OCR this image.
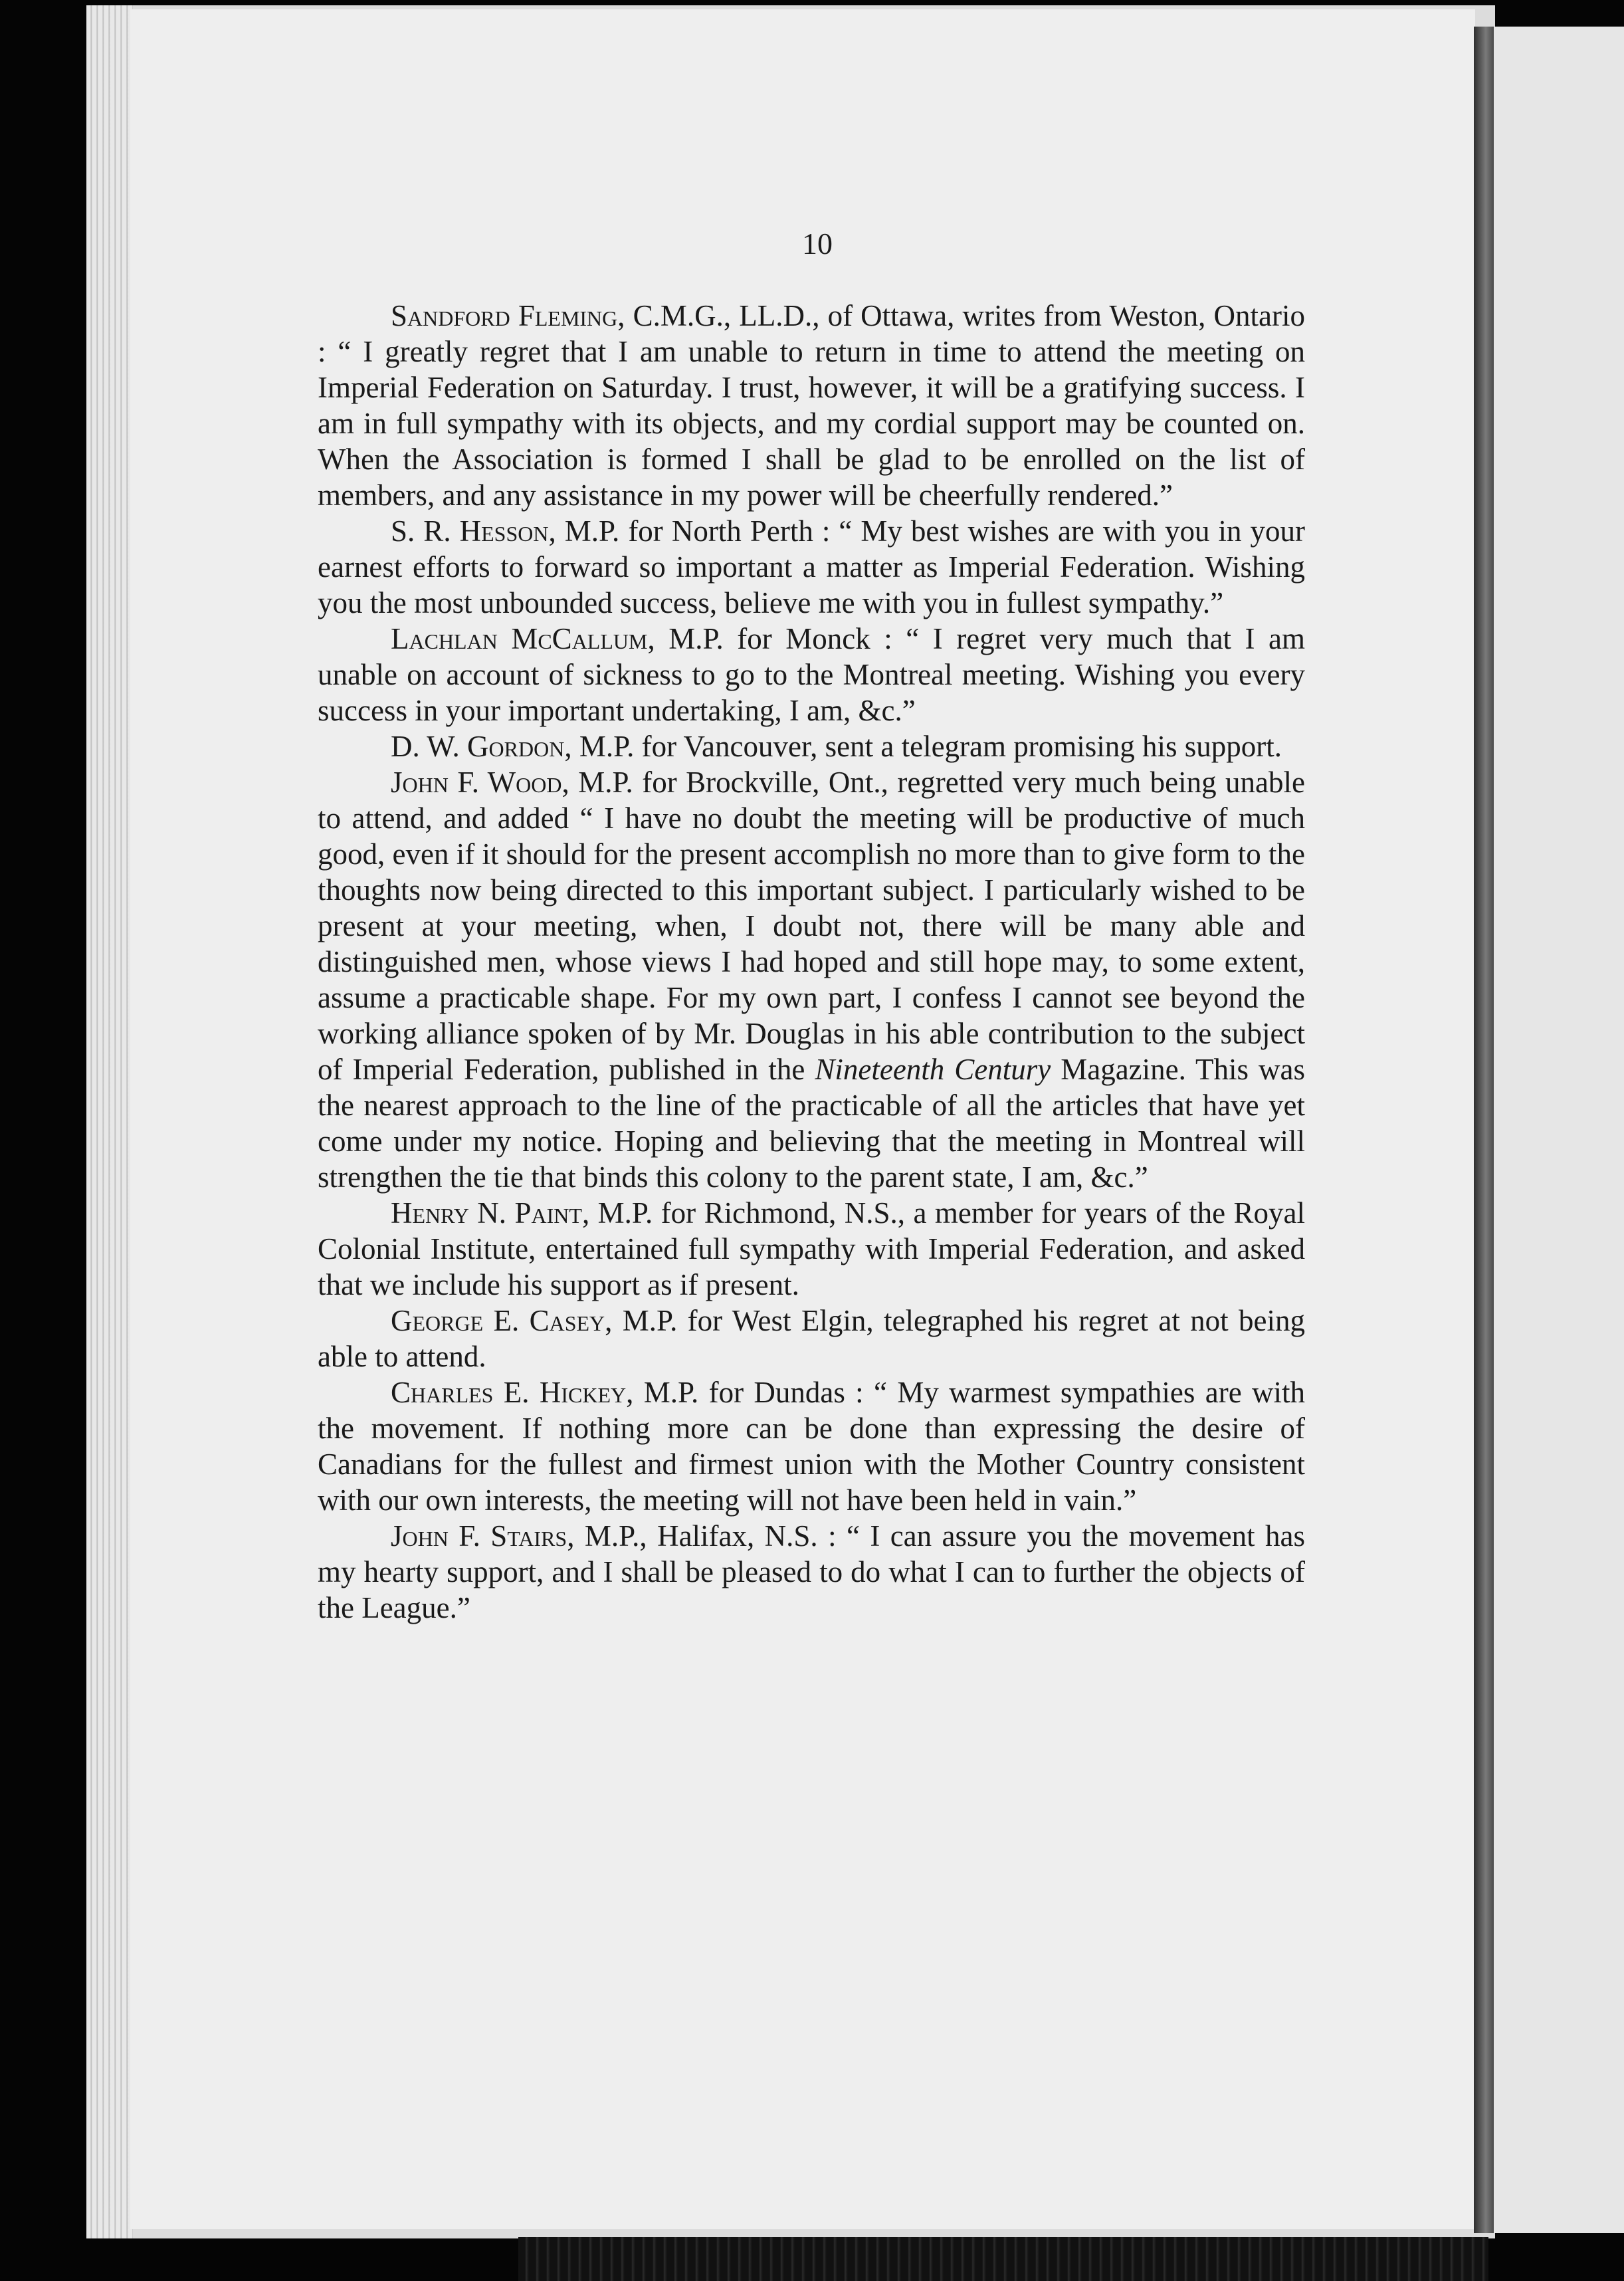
10

Sandford Fleming, C.M.G., LL.D., of Ottawa, writes from Weston, Ontario : “ I greatly regret that I am unable to return in time to attend the meeting on Imperial Federation on Saturday. I trust, however, it will be a gratifying success. I am in full sympathy with its objects, and my cordial support may be counted on. When the Association is formed I shall be glad to be enrolled on the list of members, and any assistance in my power will be cheerfully rendered.”

S. R. Hesson, M.P. for North Perth : “ My best wishes are with you in your earnest efforts to forward so important a matter as Imperial Federation. Wishing you the most unbounded success, believe me with you in fullest sympathy.”

Lachlan McCallum, M.P. for Monck : “ I regret very much that I am unable on account of sickness to go to the Montreal meeting. Wishing you every success in your important undertaking, I am, &c.”

D. W. Gordon, M.P. for Vancouver, sent a telegram promising his support.

John F. Wood, M.P. for Brockville, Ont., regretted very much being unable to attend, and added “ I have no doubt the meeting will be productive of much good, even if it should for the present accomplish no more than to give form to the thoughts now being directed to this important subject. I particularly wished to be present at your meeting, when, I doubt not, there will be many able and distinguished men, whose views I had hoped and still hope may, to some extent, assume a practicable shape. For my own part, I confess I cannot see beyond the working alliance spoken of by Mr. Douglas in his able contribution to the subject of Imperial Federation, published in the Nineteenth Century Magazine. This was the nearest approach to the line of the practicable of all the articles that have yet come under my notice. Hoping and believing that the meeting in Montreal will strengthen the tie that binds this colony to the parent state, I am, &c.”

Henry N. Paint, M.P. for Richmond, N.S., a member for years of the Royal Colonial Institute, entertained full sympathy with Imperial Federation, and asked that we include his support as if present.

George E. Casey, M.P. for West Elgin, telegraphed his regret at not being able to attend.

Charles E. Hickey, M.P. for Dundas : “ My warmest sympathies are with the movement. If nothing more can be done than expressing the desire of Canadians for the fullest and firmest union with the Mother Country consistent with our own interests, the meeting will not have been held in vain.”

John F. Stairs, M.P., Halifax, N.S. : “ I can assure you the movement has my hearty support, and I shall be pleased to do what I can to further the objects of the League.”
